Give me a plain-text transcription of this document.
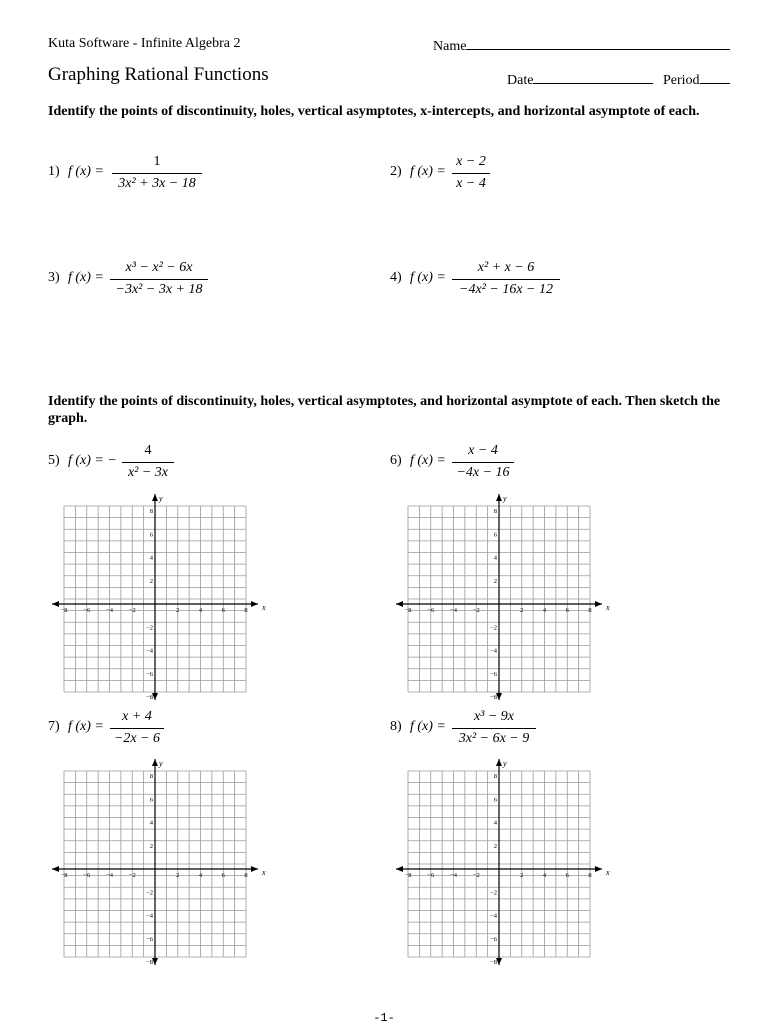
Kuta Software - Infinite Algebra 2
Graphing Rational Functions
Name
Date	Period
Identify the points of discontinuity, holes, vertical asymptotes, x-intercepts, and horizontal asymptote of each.
1) f (x) =
1
3x² + 3x − 18
2) f (x) =
x − 2
x − 4
3) f (x) =
x³ − x² − 6x
−3x² − 3x + 18
4) f (x) =
x² + x − 6
−4x² − 16x − 12
Identify the points of discontinuity, holes, vertical asymptotes, and horizontal asymptote of each. Then sketch the graph.
5) f (x) = −
4
x² − 3x
6) f (x) =
x − 4
−4x − 16
x
y
−8 −6 −4 −2	2	4	6	8
8
6
4
2
−2
−4
−6
−8
x
y
−8 −6 −4 −2	2	4	6	8
8
6
4
2
−2
−4
−6
−8
7) f (x) =
x + 4
−2x − 6
8) f (x) =
x³ − 9x
3x² − 6x − 9
x
y
−8 −6 −4 −2	2	4	6	8
8
6
4
2
−2
−4
−6
−8
x
y
−8 −6 −4 −2	2	4	6	8
8
6
4
2
−2
−4
−6
−8
-1-
